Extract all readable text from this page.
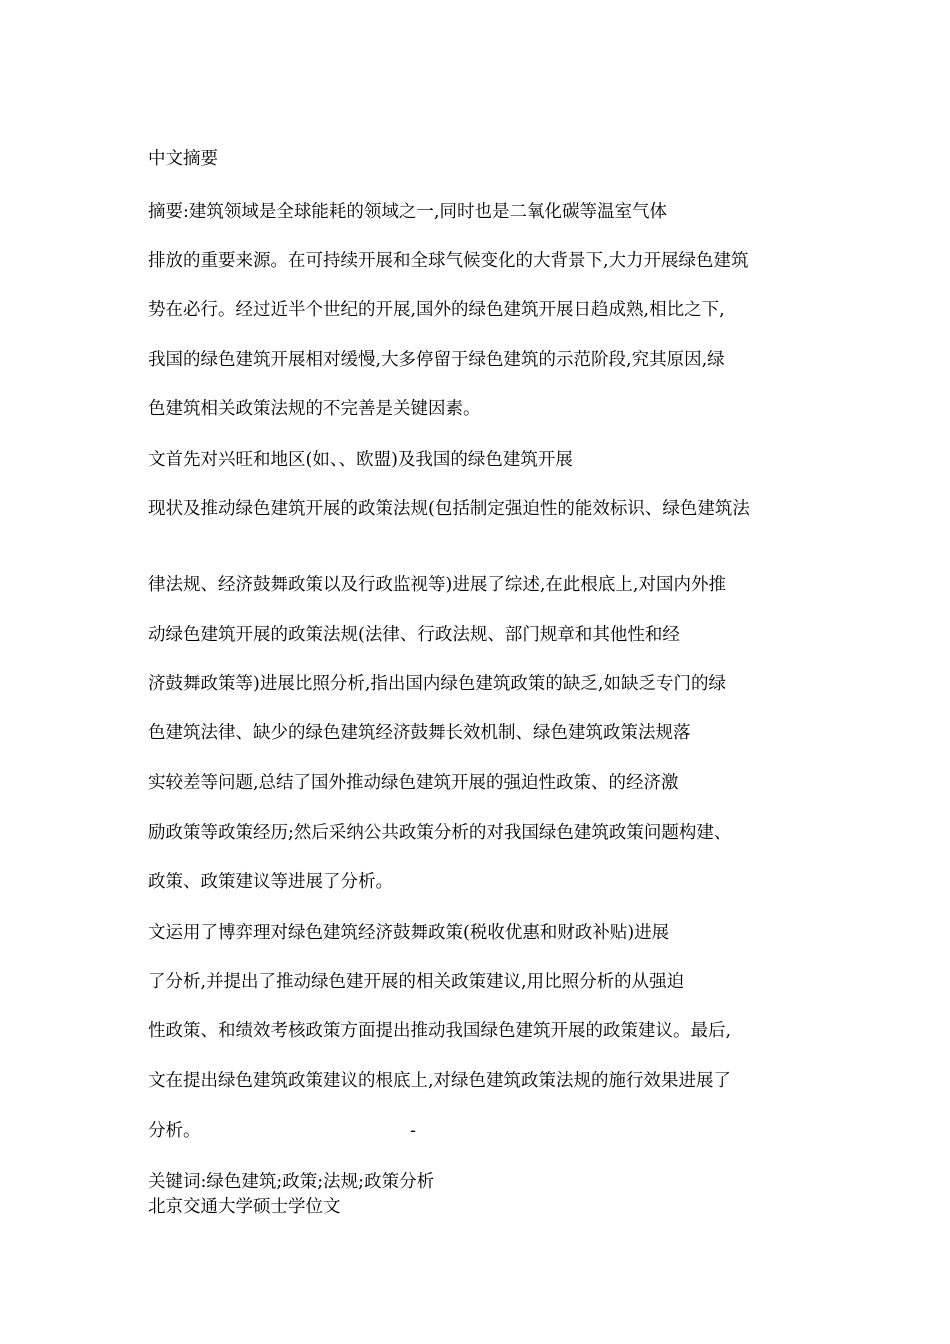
中文摘要
摘要:建筑领域是全球能耗的领域之一,同时也是二氧化碳等温室气体
排放的重要来源。在可持续开展和全球气候变化的大背景下,大力开展绿色建筑
势在必行。经过近半个世纪的开展,国外的绿色建筑开展日趋成熟,相比之下,
我国的绿色建筑开展相对缓慢,大多停留于绿色建筑的示范阶段,究其原因,绿
色建筑相关政策法规的不完善是关键因素。
文首先对兴旺和地区(如、、欧盟)及我国的绿色建筑开展
现状及推动绿色建筑开展的政策法规(包括制定强迫性的能效标识、绿色建筑法
律法规、经济鼓舞政策以及行政监视等)进展了综述,在此根底上,对国内外推
动绿色建筑开展的政策法规(法律、行政法规、部门规章和其他性和经
济鼓舞政策等)进展比照分析,指出国内绿色建筑政策的缺乏,如缺乏专门的绿
色建筑法律、缺少的绿色建筑经济鼓舞长效机制、绿色建筑政策法规落
实较差等问题,总结了国外推动绿色建筑开展的强迫性政策、的经济激
励政策等政策经历;然后采纳公共政策分析的对我国绿色建筑政策问题构建、
政策、政策建议等进展了分析。
文运用了博弈理对绿色建筑经济鼓舞政策(税收优惠和财政补贴)进展
了分析,并提出了推动绿色建开展的相关政策建议,用比照分析的从强迫
性政策、和绩效考核政策方面提出推动我国绿色建筑开展的政策建议。最后,
文在提出绿色建筑政策建议的根底上,对绿色建筑政策法规的施行效果进展了
分析。	-
关键词:绿色建筑;政策;法规;政策分析
北京交通大学硕士学位文
